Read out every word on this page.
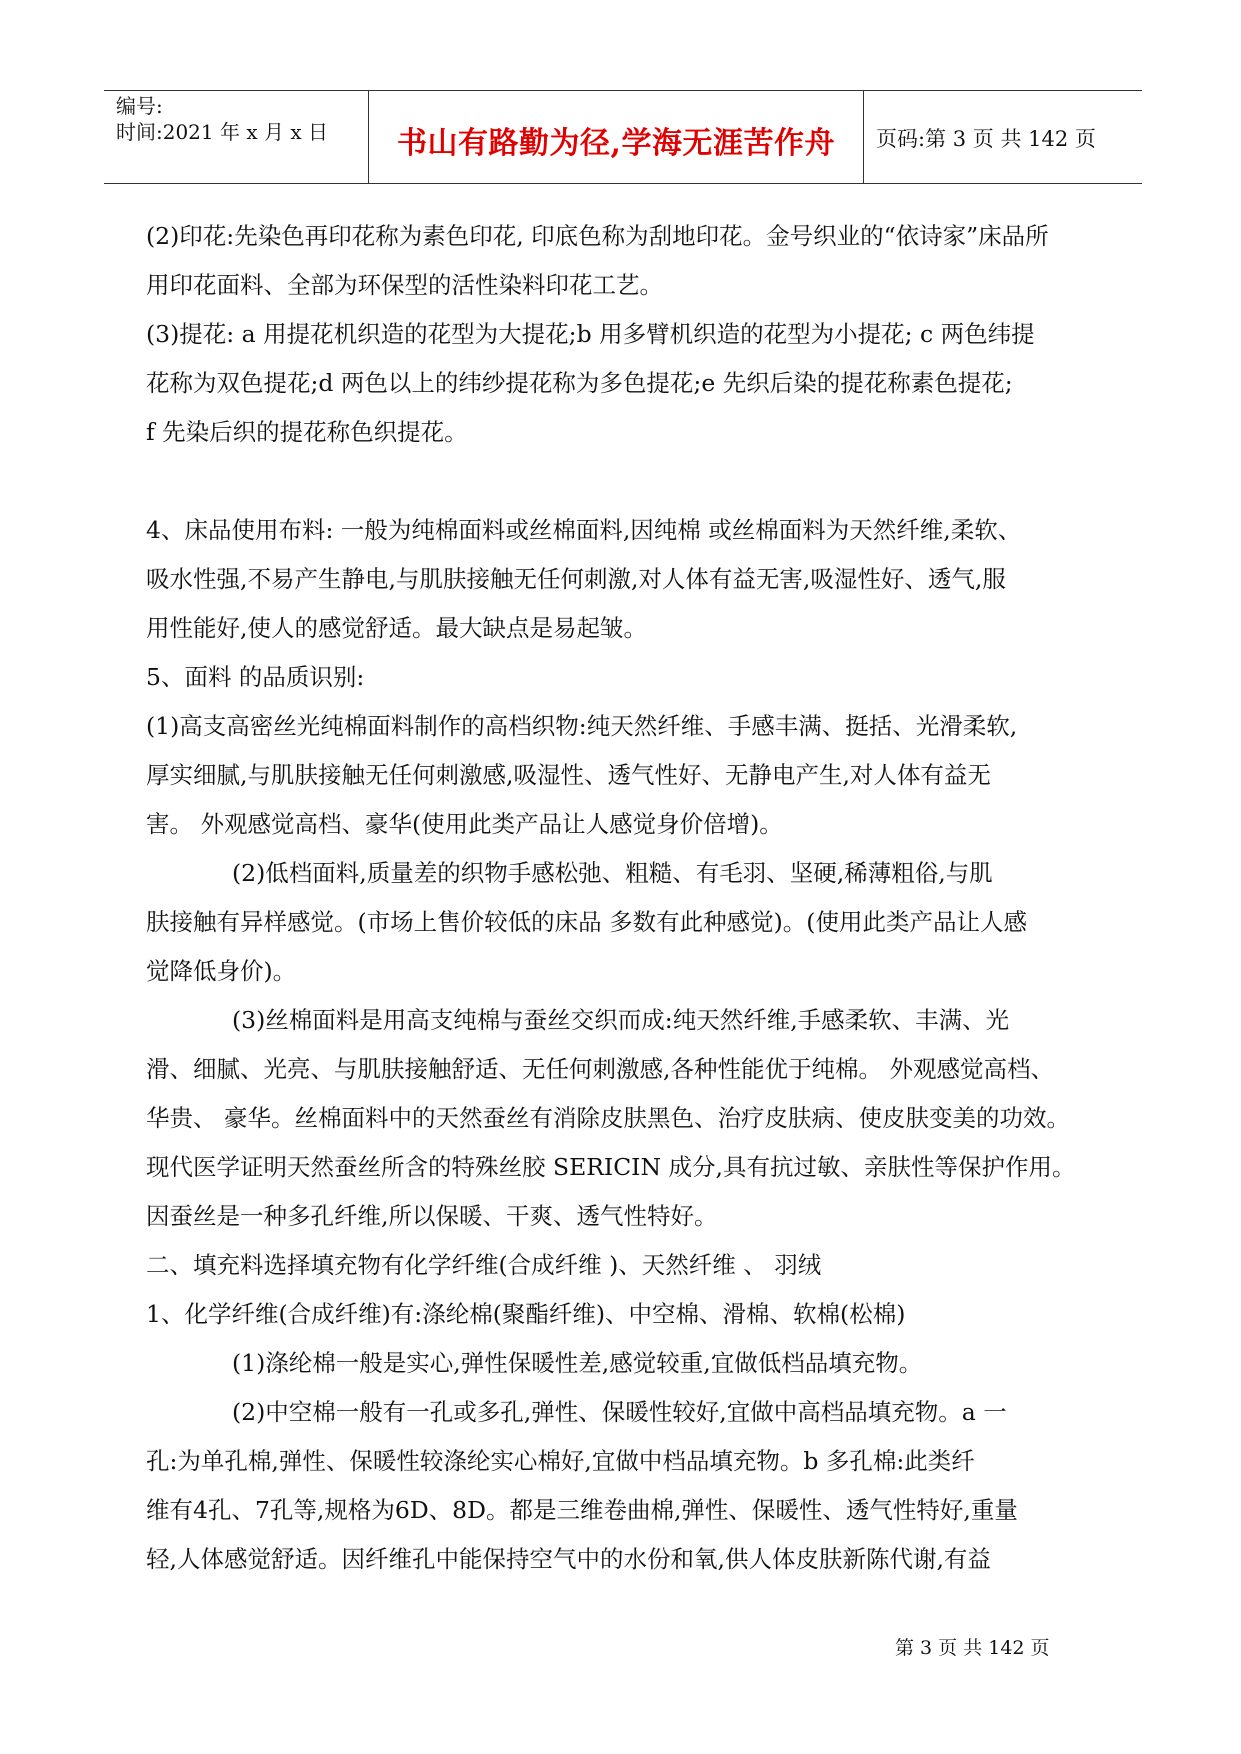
编号:
时间:2021 年 x 月 x 日	书山有路勤为径,学海无涯苦作舟	页码:第 3 页 共 142 页

(2)印花:先染色再印花称为素色印花, 印底色称为刮地印花。金号织业的“依诗家”床品所

用印花面料、全部为环保型的活性染料印花工艺。

(3)提花: a 用提花机织造的花型为大提花;b 用多臂机织造的花型为小提花; c 两色纬提

花称为双色提花;d 两色以上的纬纱提花称为多色提花;e 先织后染的提花称素色提花;

f 先染后织的提花称色织提花。

4、床品使用布料: 一般为纯棉面料或丝棉面料,因纯棉 或丝棉面料为天然纤维,柔软、

吸水性强,不易产生静电,与肌肤接触无任何刺激,对人体有益无害,吸湿性好、透气,服

用性能好,使人的感觉舒适。最大缺点是易起皱。

5、面料 的品质识别:

(1)高支高密丝光纯棉面料制作的高档织物:纯天然纤维、手感丰满、挺括、光滑柔软,

厚实细腻,与肌肤接触无任何刺激感,吸湿性、透气性好、无静电产生,对人体有益无

害。 外观感觉高档、豪华(使用此类产品让人感觉身价倍增)。

(2)低档面料,质量差的织物手感松弛、粗糙、有毛羽、坚硬,稀薄粗俗,与肌

肤接触有异样感觉。(市场上售价较低的床品 多数有此种感觉)。(使用此类产品让人感

觉降低身价)。

(3)丝棉面料是用高支纯棉与蚕丝交织而成:纯天然纤维,手感柔软、丰满、光

滑、细腻、光亮、与肌肤接触舒适、无任何刺激感,各种性能优于纯棉。 外观感觉高档、

华贵、 豪华。丝棉面料中的天然蚕丝有消除皮肤黑色、治疗皮肤病、使皮肤变美的功效。

现代医学证明天然蚕丝所含的特殊丝胶 SERICIN 成分,具有抗过敏、亲肤性等保护作用。

因蚕丝是一种多孔纤维,所以保暖、干爽、透气性特好。

二、填充料选择填充物有化学纤维(合成纤维 )、天然纤维 、 羽绒

1、化学纤维(合成纤维)有:涤纶棉(聚酯纤维)、中空棉、滑棉、软棉(松棉)

(1)涤纶棉一般是实心,弹性保暖性差,感觉较重,宜做低档品填充物。

(2)中空棉一般有一孔或多孔,弹性、保暖性较好,宜做中高档品填充物。a 一

孔:为单孔棉,弹性、保暖性较涤纶实心棉好,宜做中档品填充物。b 多孔棉:此类纤

维有4孔、7孔等,规格为6D、8D。都是三维卷曲棉,弹性、保暖性、透气性特好,重量

轻,人体感觉舒适。因纤维孔中能保持空气中的水份和氧,供人体皮肤新陈代谢,有益

第 3 页 共 142 页
